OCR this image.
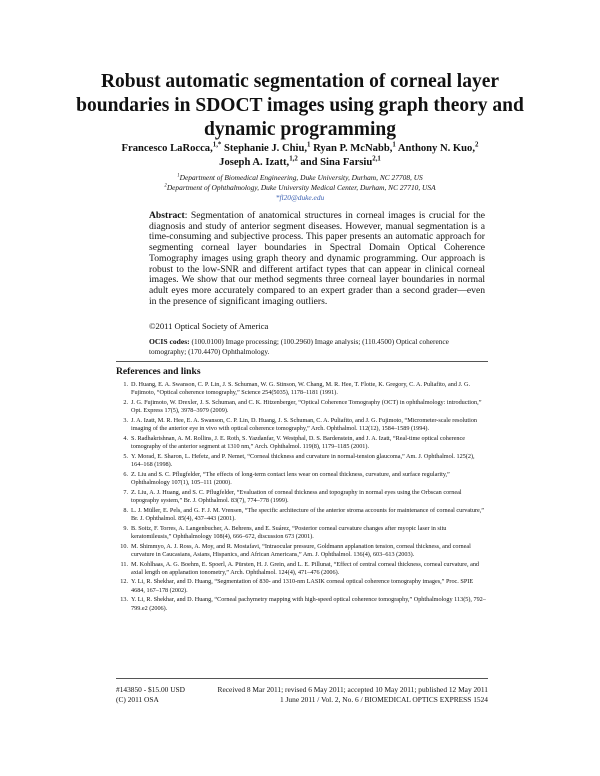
Robust automatic segmentation of corneal layer boundaries in SDOCT images using graph theory and dynamic programming
Francesco LaRocca,$^{1,*}$ Stephanie J. Chiu,$^1$ Ryan P. McNabb,$^1$ Anthony N. Kuo,$^2$
Joseph A. Izatt,$^{1,2}$ and Sina Farsiu$^{2,1}$
$^1$Department of Biomedical Engineering, Duke University, Durham, NC 27708, US
$^2$Department of Ophthalmology, Duke University Medical Center, Durham, NC 27710, USA
*fl20@duke.edu
Abstract: Segmentation of anatomical structures in corneal images is crucial for the diagnosis and study of anterior segment diseases. However, manual segmentation is a time-consuming and subjective process. This paper presents an automatic approach for segmenting corneal layer boundaries in Spectral Domain Optical Coherence Tomography images using graph theory and dynamic programming. Our approach is robust to the low-SNR and different artifact types that can appear in clinical corneal images. We show that our method segments three corneal layer boundaries in normal adult eyes more accurately compared to an expert grader than a second grader—even in the presence of significant imaging outliers.
©2011 Optical Society of America
OCIS codes: (100.0100) Image processing; (100.2960) Image analysis; (110.4500) Optical coherence tomography; (170.4470) Ophthalmology.
References and links
1. D. Huang, E. A. Swanson, C. P. Lin, J. S. Schuman, W. G. Stinson, W. Chang, M. R. Hee, T. Flotte, K. Gregory, C. A. Puliafito, and J. G. Fujimoto, “Optical coherence tomography,” Science 254(5035), 1178–1181 (1991).
2. J. G. Fujimoto, W. Drexler, J. S. Schuman, and C. K. Hitzenberger, “Optical Coherence Tomography (OCT) in ophthalmology: introduction,” Opt. Express 17(5), 3978–3979 (2009).
3. J. A. Izatt, M. R. Hee, E. A. Swanson, C. P. Lin, D. Huang, J. S. Schuman, C. A. Puliafito, and J. G. Fujimoto, “Micrometer-scale resolution imaging of the anterior eye in vivo with optical coherence tomography,” Arch. Ophthalmol. 112(12), 1584–1589 (1994).
4. S. Radhakrishnan, A. M. Rollins, J. E. Roth, S. Yazdanfar, V. Westphal, D. S. Bardenstein, and J. A. Izatt, “Real-time optical coherence tomography of the anterior segment at 1310 nm,” Arch. Ophthalmol. 119(8), 1179–1185 (2001).
5. Y. Morad, E. Sharon, L. Hefetz, and P. Nemet, “Corneal thickness and curvature in normal-tension glaucoma,” Am. J. Ophthalmol. 125(2), 164–168 (1998).
6. Z. Liu and S. C. Pflugfelder, “The effects of long-term contact lens wear on corneal thickness, curvature, and surface regularity,” Ophthalmology 107(1), 105–111 (2000).
7. Z. Liu, A. J. Huang, and S. C. Pflugfelder, “Evaluation of corneal thickness and topography in normal eyes using the Orbscan corneal topography system,” Br. J. Ophthalmol. 83(7), 774–778 (1999).
8. L. J. Müller, E. Pels, and G. F. J. M. Vrensen, “The specific architecture of the anterior stroma accounts for maintenance of corneal curvature,” Br. J. Ophthalmol. 85(4), 437–443 (2001).
9. B. Soitz, F. Torres, A. Langenbucher, A. Behrens, and E. Suárez, “Posterior corneal curvature changes after myopic laser in situ keratomileusis,” Ophthalmology 108(4), 666–672, discussion 673 (2001).
10. M. Shimmyo, A. J. Ross, A. Moy, and R. Mostafavi, “Intraocular pressure, Goldmann applanation tension, corneal thickness, and corneal curvature in Caucasians, Asians, Hispanics, and African Americans,” Am. J. Ophthalmol. 136(4), 603–613 (2003).
11. M. Kohlhaas, A. G. Boehm, E. Spoerl, A. Pürsten, H. J. Grein, and L. E. Pillunat, “Effect of central corneal thickness, corneal curvature, and axial length on applanation tonometry,” Arch. Ophthalmol. 124(4), 471–476 (2006).
12. Y. Li, R. Shekhar, and D. Huang, “Segmentation of 830- and 1310-nm LASIK corneal optical coherence tomography images,” Proc. SPIE 4684, 167–178 (2002).
13. Y. Li, R. Shekhar, and D. Huang, “Corneal pachymetry mapping with high-speed optical coherence tomography,” Ophthalmology 113(5), 792–799.e2 (2006).
#143850 - $15.00 USD	Received 8 Mar 2011; revised 6 May 2011; accepted 10 May 2011; published 12 May 2011
(C) 2011 OSA	1 June 2011 / Vol. 2, No. 6 / BIOMEDICAL OPTICS EXPRESS 1524
